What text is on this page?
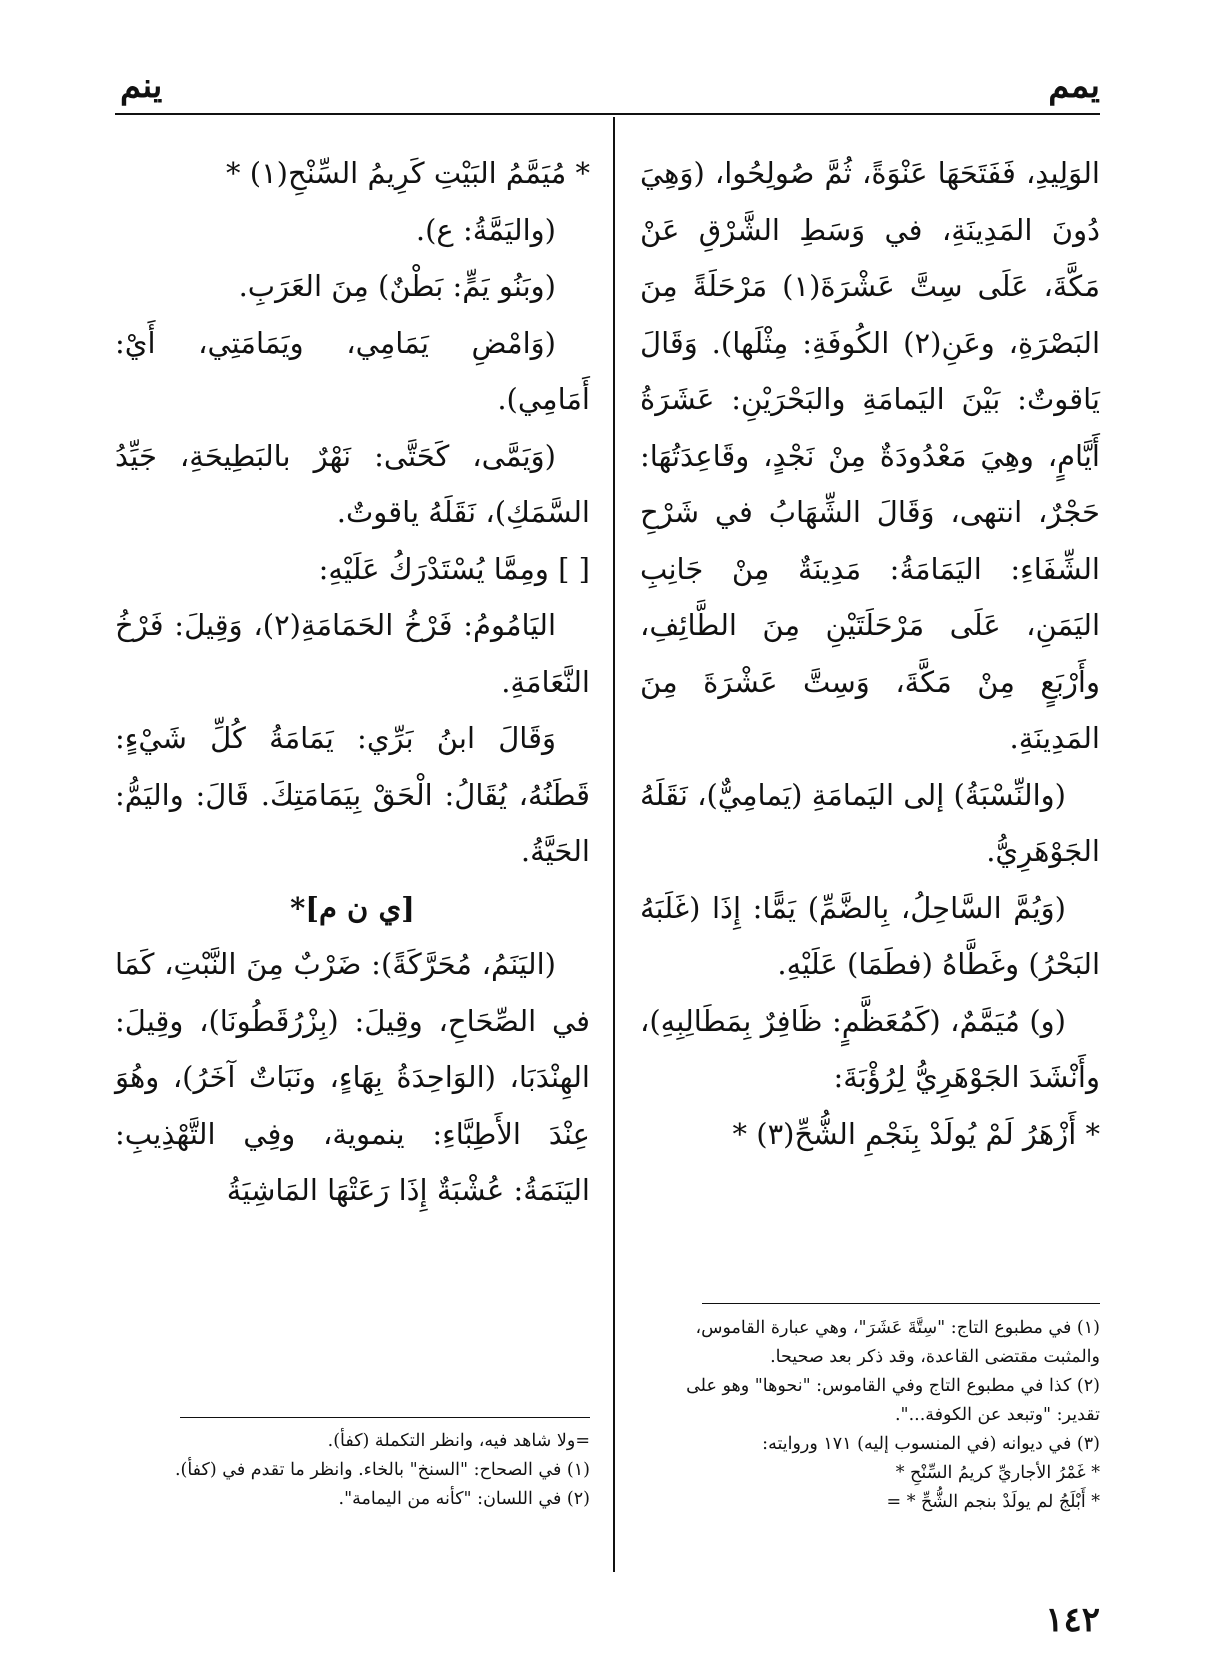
يمم
ينم

الوَلِيدِ، فَفَتَحَهَا عَنْوَةً، ثُمَّ صُولِحُوا، (وَهِيَ دُونَ المَدِينَةِ، في وَسَطِ الشَّرْقِ عَنْ مَكَّةَ، عَلَى سِتَّ عَشْرَةَ(١) مَرْحَلَةً مِنَ البَصْرَةِ، وعَنِ(٢) الكُوفَةِ: مِثْلَها). وَقَالَ يَاقوتٌ: بَيْنَ اليَمامَةِ والبَحْرَيْنِ: عَشَرَةُ أَيَّامٍ، وهِيَ مَعْدُودَةٌ مِنْ نَجْدٍ، وقَاعِدَتُهَا: حَجْرٌ، انتهى، وَقَالَ الشِّهَابُ في شَرْحِ الشِّفَاءِ: اليَمَامَةُ: مَدِينَةٌ مِنْ جَانِبِ اليَمَنِ، عَلَى مَرْحَلَتَيْنِ مِنَ الطَّائِفِ، وأَرْبَعٍ مِنْ مَكَّةَ، وَسِتَّ عَشْرَةَ مِنَ المَدِينَةِ.

(والنِّسْبَةُ) إلى اليَمامَةِ (يَمامِيٌّ)، نَقَلَهُ الجَوْهَرِيُّ.

(وَيُمَّ السَّاحِلُ، بِالضَّمِّ) يَمًّا: إِذَا (غَلَبَهُ البَحْرُ) وغَطَّاهُ (فطَمَا) عَلَيْهِ.

(و) مُيَمَّمٌ، (كَمُعَظَّمٍ: ظَافِرٌ بِمَطَالِبِهِ)، وأَنْشَدَ الجَوْهَرِيُّ لِرُؤْبَةَ:

* أَزْهَرُ لَمْ يُولَدْ بِنَجْمِ الشُّحِّ(٣) *

* مُيَمَّمُ البَيْتِ كَرِيمُ السِّنْحِ(١) *

(واليَمَّةُ: ع).

(وبَنُو يَمٍّ: بَطْنٌ) مِنَ العَرَبِ.

(وَامْضِ يَمَامِي، ويَمَامَتِي، أَيْ: أَمَامِي).

(وَيَمَّى، كَحَتَّى: نَهْرٌ بالبَطِيحَةِ، جَيِّدُ السَّمَكِ)، نَقَلَهُ ياقوتٌ.

[ ] ومِمَّا يُسْتَدْرَكُ عَلَيْهِ:

اليَامُومُ: فَرْخُ الحَمَامَةِ(٢)، وَقِيلَ: فَرْخُ النَّعَامَةِ.

وَقَالَ ابنُ بَرِّي: يَمَامَةُ كُلِّ شَيْءٍ: قَطَنُهُ، يُقَالُ: الْحَقْ بِيَمَامَتِكَ. قَالَ: واليَمُّ: الحَيَّةُ.

[ي ن م]*

(اليَنَمُ، مُحَرَّكَةً): ضَرْبٌ مِنَ النَّبْتِ، كَمَا في الصِّحَاحِ، وقِيلَ: (بِزْرُقَطُونَا)، وقِيلَ: الهِنْدَبَا، (الوَاحِدَةُ بِهَاءٍ، ونَبَاتٌ آخَرُ)، وهُوَ عِنْدَ الأَطِبَّاءِ: ينموية، وفِي التَّهْذِيبِ: اليَنَمَةُ: عُشْبَةٌ إِذَا رَعَتْهَا المَاشِيَةُ

(١) في مطبوع التاج: "سِتَّةَ عَشَرَ"، وهي عبارة القاموس، والمثبت مقتضى القاعدة، وقد ذكر بعد صحيحا.

(٢) كذا في مطبوع التاج وفي القاموس: "نحوها" وهو على تقدير: "وتبعد عن الكوفة...".

(٣) في ديوانه (في المنسوب إليه) ١٧١ وروايته:

* غَمْرُ الأجاريِّ كريمُ السِّنْحِ *

* أَبْلَجُ لم يولَدْ بنجم الشُّحِّ * =

=ولا شاهد فيه، وانظر التكملة (كفأ).

(١) في الصحاح: "السنخ" بالخاء. وانظر ما تقدم في (كفأ).

(٢) في اللسان: "كأنه من اليمامة".

١٤٢
